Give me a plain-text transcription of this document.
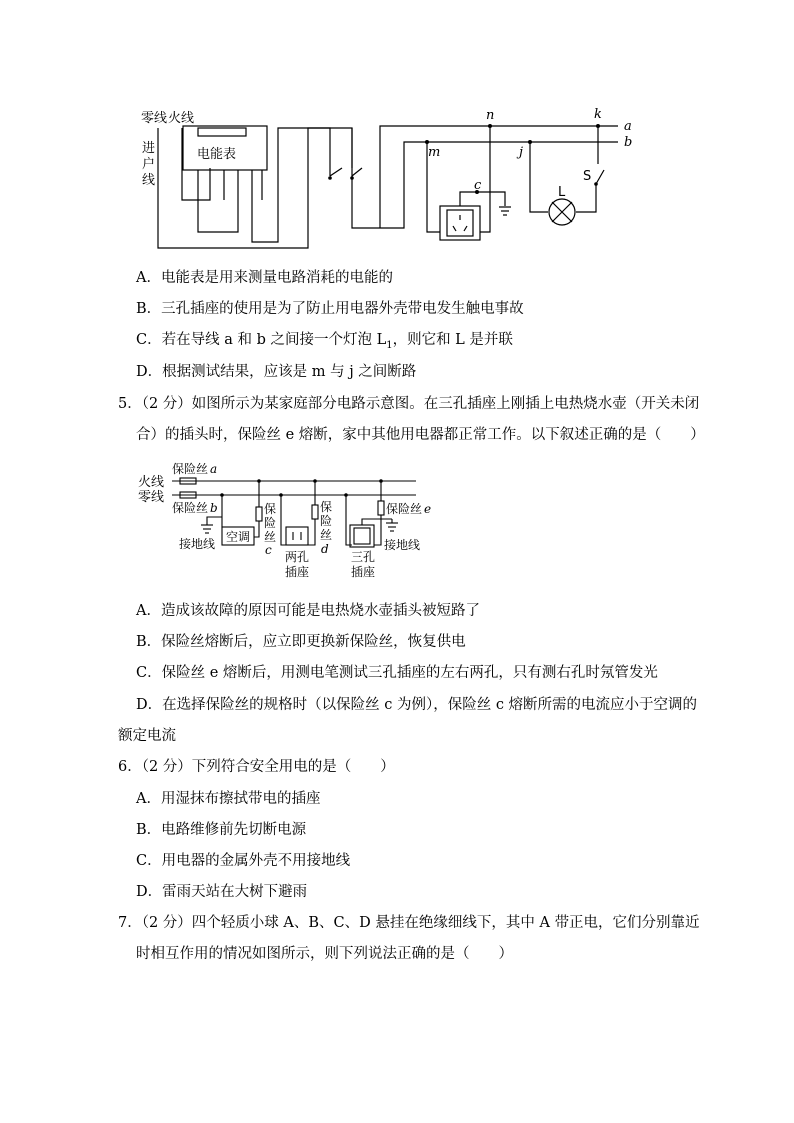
零线 火线
进
户
线
电能表
n	k
a
b
m	j
c	L
S
A．电能表是用来测量电路消耗的电能的
B．三孔插座的使用是为了防止用电器外壳带电发生触电事故
C．若在导线 a 和 b 之间接一个灯泡 $L_1$，则它和 L 是并联
D．根据测试结果，应该是 m 与 j 之间断路
5．（2 分）如图所示为某家庭部分电路示意图。在三孔插座上刚插上电热烧水壶（开关未闭
合）的插头时，保险丝 e 熔断，家中其他用电器都正常工作。以下叙述正确的是（　　）
火线
零线
保险丝 a
保险丝 b
接地线 空调
保
险
丝
c 两孔
插座
保
险
丝
d
三孔
插座
保险丝 e
接地线
A．造成该故障的原因可能是电热烧水壶插头被短路了
B．保险丝熔断后，应立即更换新保险丝，恢复供电
C．保险丝 e 熔断后，用测电笔测试三孔插座的左右两孔，只有测右孔时氖管发光
D．在选择保险丝的规格时（以保险丝 c 为例），保险丝 c 熔断所需的电流应小于空调的
额定电流
6．（2 分）下列符合安全用电的是（　　）
A．用湿抹布擦拭带电的插座
B．电路维修前先切断电源
C．用电器的金属外壳不用接地线
D．雷雨天站在大树下避雨
7．（2 分）四个轻质小球 A、B、C、D 悬挂在绝缘细线下，其中 A 带正电，它们分别靠近
时相互作用的情况如图所示，则下列说法正确的是（　　）
